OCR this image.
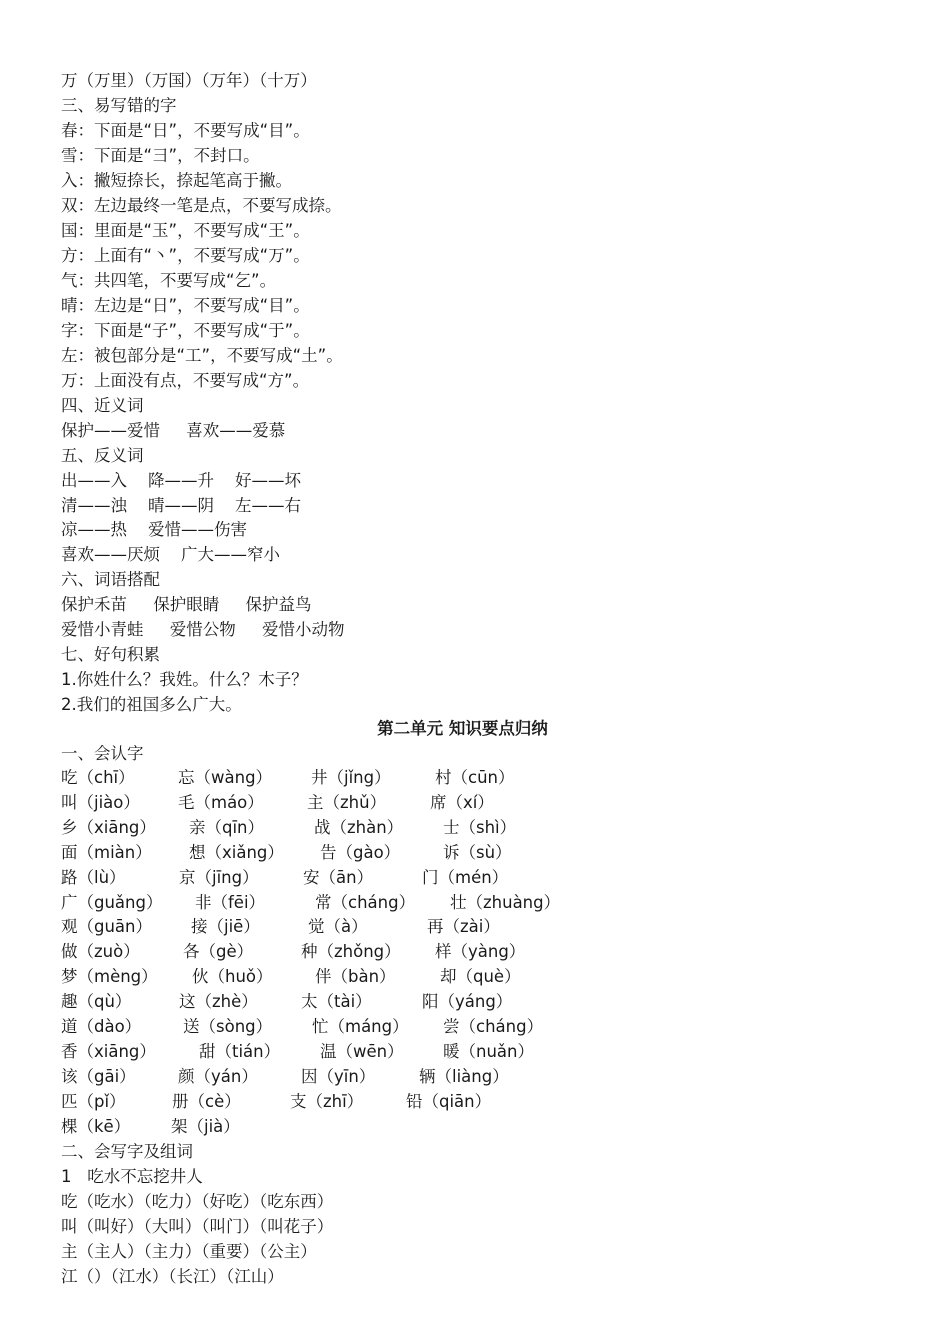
万（万里）（万国）（万年）（十万）
三、易写错的字
春：下面是“日”，不要写成“目”。
雪：下面是“彐”，不封口。
入：撇短捺长，捺起笔高于撇。
双：左边最终一笔是点，不要写成捺。
国：里面是“玉”，不要写成“王”。
方：上面有“丶”，不要写成“万”。
气：共四笔，不要写成“乞”。
晴：左边是“日”，不要写成“目”。
字：下面是“子”，不要写成“于”。
左：被包部分是“工”，不要写成“土”。
万：上面没有点，不要写成“方”。
四、近义词
保护——爱惜     喜欢——爱慕
五、反义词
出——入    降——升    好——坏
清——浊    晴——阴    左——右
凉——热    爱惜——伤害
喜欢——厌烦    广大——窄小
六、词语搭配
保护禾苗     保护眼睛     保护益鸟
爱惜小青蛙     爱惜公物     爱惜小动物
七、好句积累
1.你姓什么？我姓。什么？木子？
2.我们的祖国多么广大。
第二单元 知识要点归纳
一、会认字
吃（chī）	忘（wàng） 井（jǐng）	村（cūn）
叫（jiào） 毛（máo）	主（zhǔ）	席（xí）
乡（xiāng） 亲（qīn）	战（zhàn） 士（shì）
面（miàn） 想（xiǎng） 告（gào）	诉（sù）
路（lù）	京（jīng）	安（ān）	门（mén）
广（guǎng） 非（fēi）	常（cháng） 壮（zhuàng）
观（guān） 接（jiē）	觉（à）	再（zài）
做（zuò）	各（gè）	种（zhǒng） 样（yàng）
梦（mèng） 伙（huǒ）	伴（bàn）	却（què）
趣（qù）	这（zhè）	太（tài）	阳（yáng）
道（dào）	送（sòng） 忙（máng） 尝（cháng）
香（xiāng）	甜（tián） 温（wēn） 暖（nuǎn）
该（gāi）	颜（yán）	因（yīn）	辆（liàng）
匹（pǐ）	册（cè）	支（zhī）	铅（qiān）
棵（kē） 架（jià）
二、会写字及组词
1   吃水不忘挖井人
吃（吃水）（吃力）（好吃）（吃东西）
叫（叫好）（大叫）（叫门）（叫花子）
主（主人）（主力）（重要）（公主）
江（）（江水）（长江）（江山）
